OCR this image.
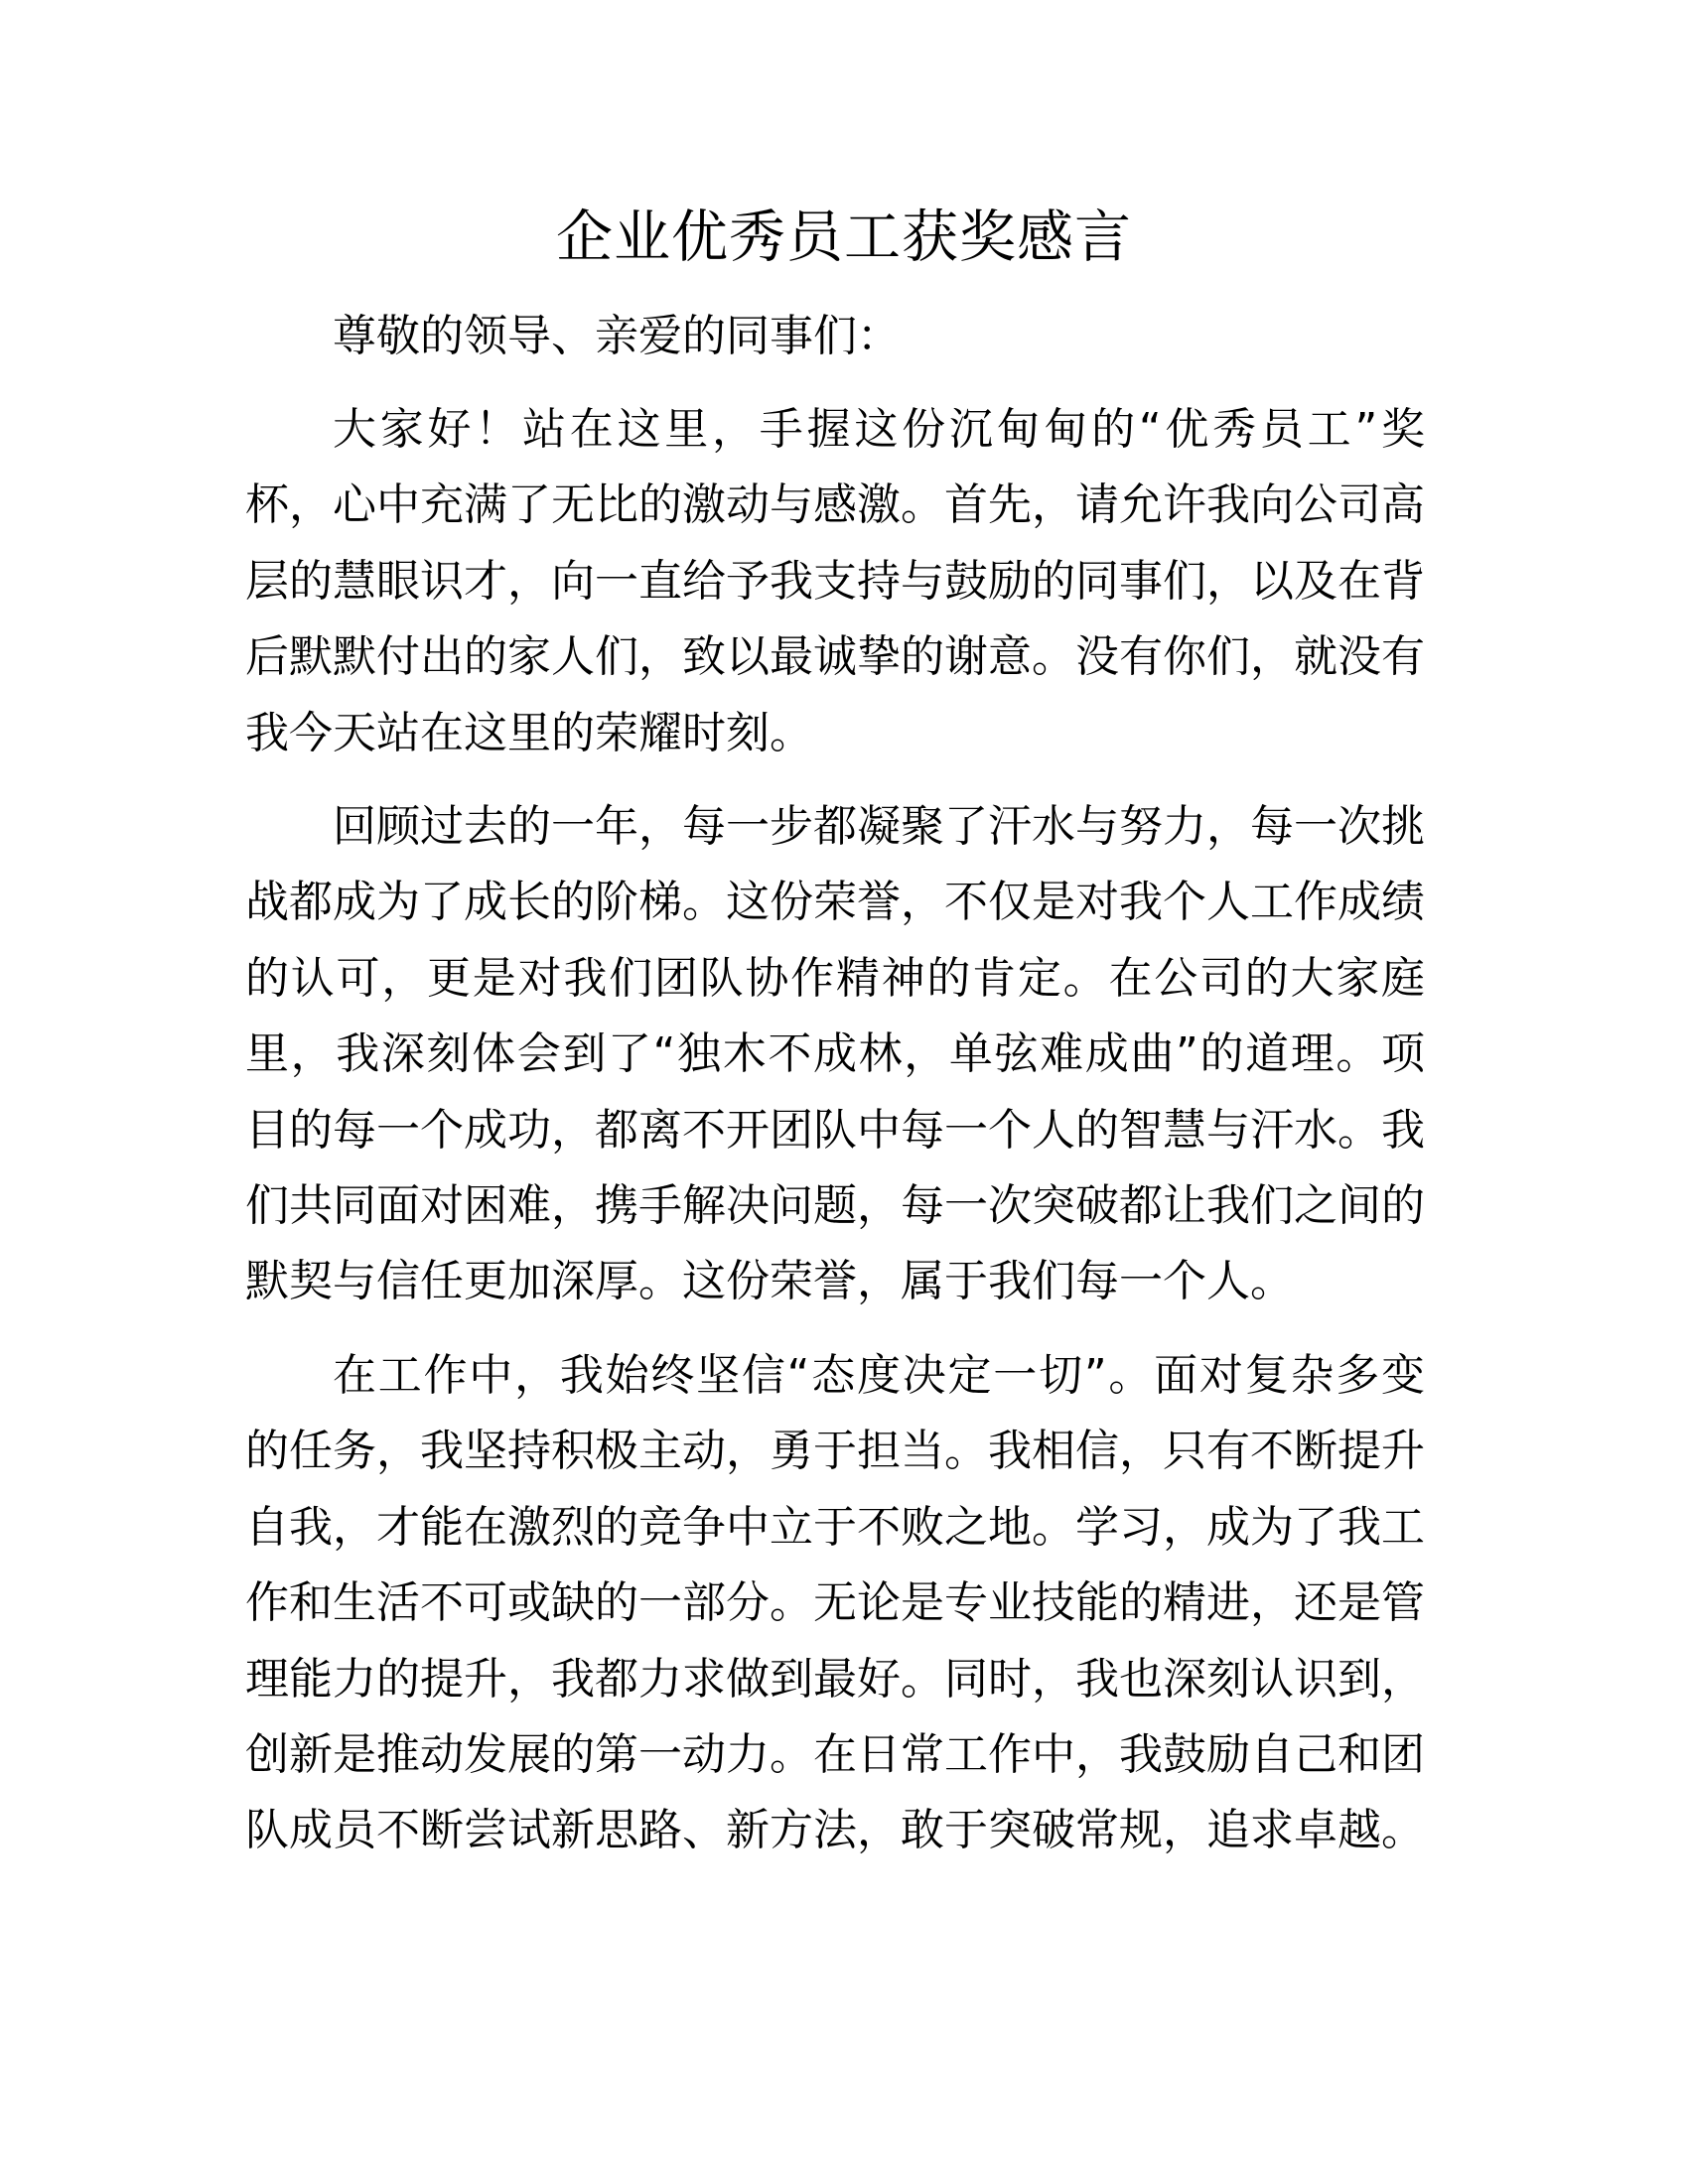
企业优秀员工获奖感言
尊敬的领导、亲爱的同事们：
大家好！站在这里，手握这份沉甸甸的“优秀员工”奖
杯，心中充满了无比的激动与感激。首先，请允许我向公司高
层的慧眼识才，向一直给予我支持与鼓励的同事们，以及在背
后默默付出的家人们，致以最诚挚的谢意。没有你们，就没有
我今天站在这里的荣耀时刻。
回顾过去的一年，每一步都凝聚了汗水与努力，每一次挑
战都成为了成长的阶梯。这份荣誉，不仅是对我个人工作成绩
的认可，更是对我们团队协作精神的肯定。在公司的大家庭
里，我深刻体会到了“独木不成林，单弦难成曲”的道理。项
目的每一个成功，都离不开团队中每一个人的智慧与汗水。我
们共同面对困难，携手解决问题，每一次突破都让我们之间的
默契与信任更加深厚。这份荣誉，属于我们每一个人。
在工作中，我始终坚信“态度决定一切”。面对复杂多变
的任务，我坚持积极主动，勇于担当。我相信，只有不断提升
自我，才能在激烈的竞争中立于不败之地。学习，成为了我工
作和生活不可或缺的一部分。无论是专业技能的精进，还是管
理能力的提升，我都力求做到最好。同时，我也深刻认识到，
创新是推动发展的第一动力。在日常工作中，我鼓励自己和团
队成员不断尝试新思路、新方法，敢于突破常规，追求卓越。
